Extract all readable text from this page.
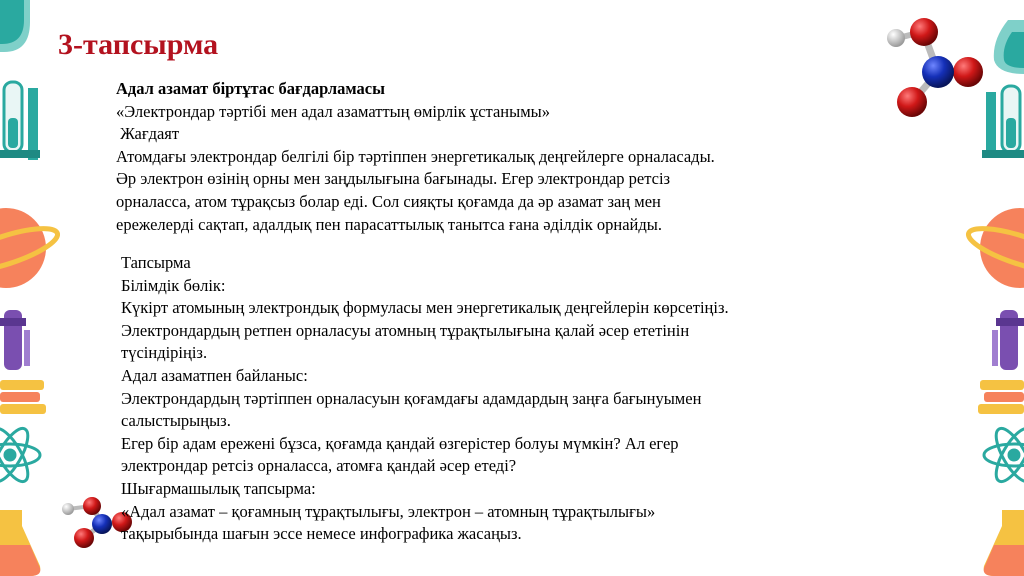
3-тапсырма
Адал азамат біртұтас бағдарламасы
«Электрондар тәртібі мен адал азаматтың өмірлік ұстанымы»
Жағдаят
Атомдағы электрондар белгілі бір тәртіппен энергетикалық деңгейлерге орналасады.
Әр электрон өзінің орны мен заңдылығына бағынады. Егер электрондар ретсіз
орналасса, атом тұрақсыз болар еді. Сол сияқты қоғамда да әр азамат заң мен
ережелерді сақтап, адалдық пен парасаттылық танытса ғана әділдік орнайды.
Тапсырма
Білімдік бөлік:
Күкірт атомының электрондық формуласы мен энергетикалық деңгейлерін көрсетіңіз.
Электрондардың ретпен орналасуы атомның тұрақтылығына қалай әсер ететінін
түсіндіріңіз.
Адал азаматпен байланыс:
Электрондардың тәртіппен орналасуын қоғамдағы адамдардың заңға бағынуымен
салыстырыңыз.
Егер бір адам ережені бұзса, қоғамда қандай өзгерістер болуы мүмкін? Ал егер
электрондар ретсіз орналасса, атомға қандай әсер етеді?
Шығармашылық тапсырма:
«Адал азамат – қоғамның тұрақтылығы, электрон – атомның тұрақтылығы»
тақырыбында шағын эссе немесе инфографика жасаңыз.
